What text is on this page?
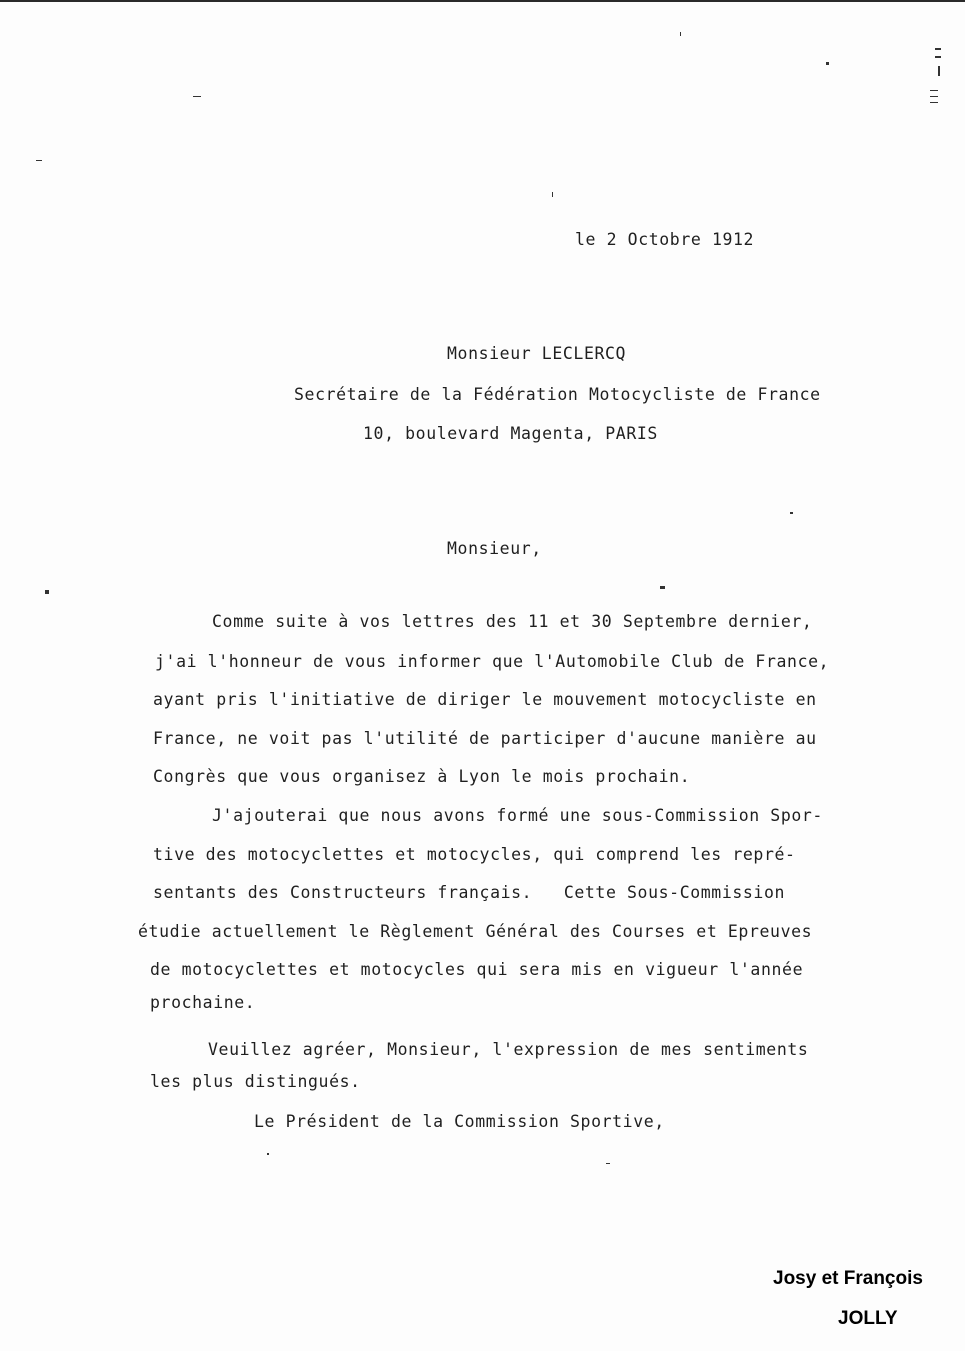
le 2 Octobre 1912
Monsieur LECLERCQ
Secrétaire de la Fédération Motocycliste de France
10, boulevard Magenta, PARIS
Monsieur,
Comme suite à vos lettres des 11 et 30 Septembre dernier,
j'ai l'honneur de vous informer que l'Automobile Club de France,
ayant pris l'initiative de diriger le mouvement motocycliste en
France, ne voit pas l'utilité de participer d'aucune manière au
Congrès que vous organisez à Lyon le mois prochain.
J'ajouterai que nous avons formé une sous-Commission Spor-
tive des motocyclettes et motocycles, qui comprend les repré-
sentants des Constructeurs français.   Cette Sous-Commission
étudie actuellement le Règlement Général des Courses et Epreuves
de motocyclettes et motocycles qui sera mis en vigueur l'année
prochaine.
Veuillez agréer, Monsieur, l'expression de mes sentiments
les plus distingués.
Le Président de la Commission Sportive,
Josy et François
JOLLY
